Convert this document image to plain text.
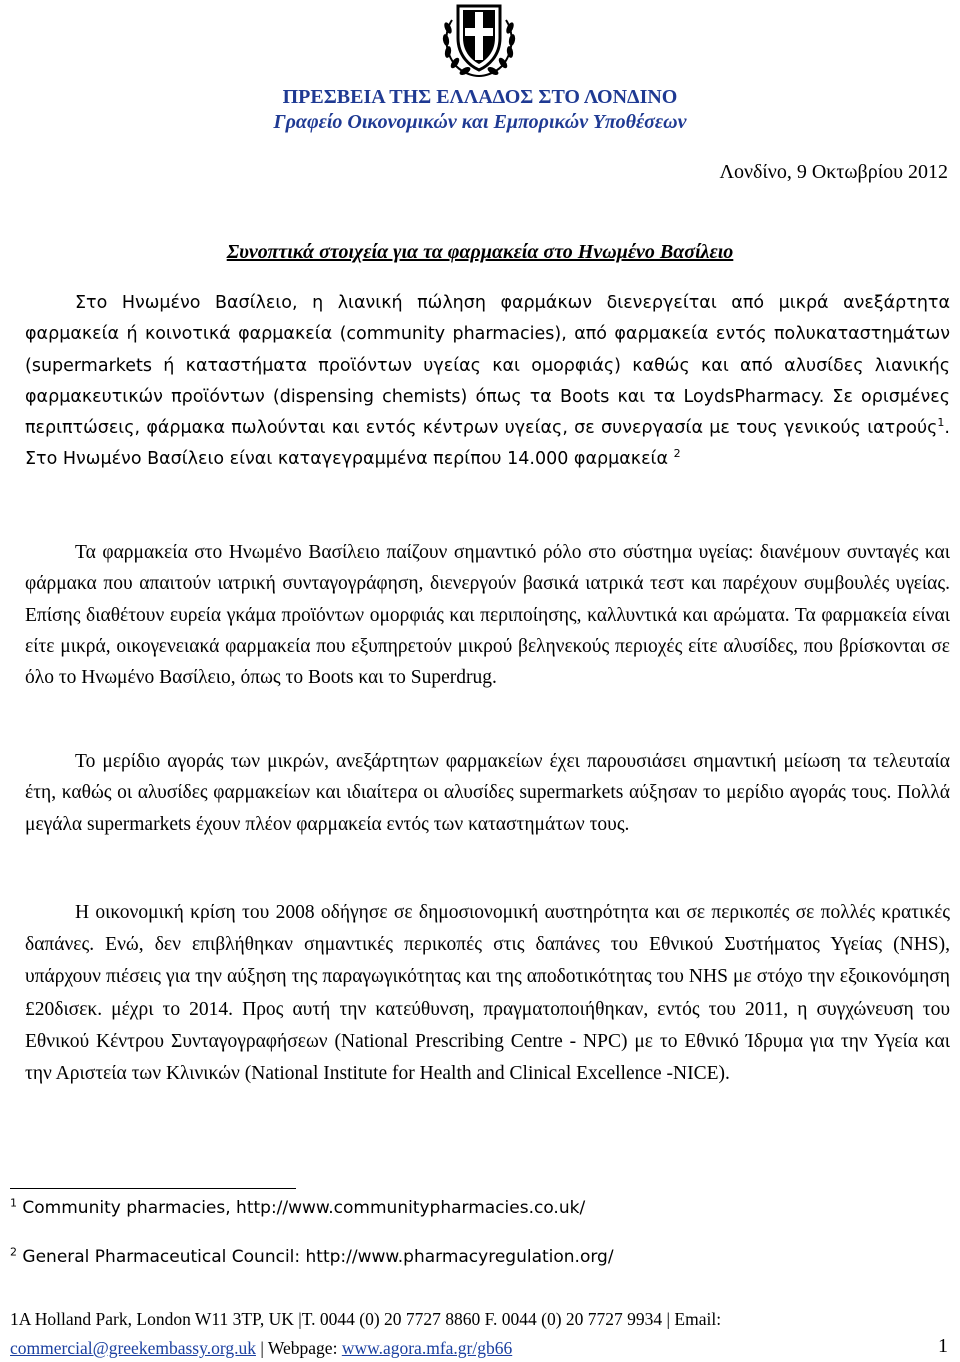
ΠΡΕΣΒΕΙΑ ΤΗΣ ΕΛΛΑΔΟΣ ΣΤΟ ΛΟΝΔΙΝΟ
Γραφείο Οικονομικών και Εμπορικών Υποθέσεων
Λονδίνο, 9 Οκτωβρίου 2012
Συνοπτικά στοιχεία για τα φαρμακεία στο Ηνωμένο Βασίλειο
Στο Ηνωμένο Βασίλειο, η λιανική πώληση φαρμάκων διενεργείται από μικρά ανεξάρτητα φαρμακεία ή κοινοτικά φαρμακεία (community pharmacies), από φαρμακεία εντός πολυκαταστημάτων (supermarkets ή καταστήματα προϊόντων υγείας και ομορφιάς) καθώς και από αλυσίδες λιανικής φαρμακευτικών προϊόντων (dispensing chemists) όπως τα Boots και τα LoydsPharmacy. Σε ορισμένες περιπτώσεις, φάρμακα πωλούνται και εντός κέντρων υγείας, σε συνεργασία με τους γενικούς ιατρούς$^1$. Στο Ηνωμένο Βασίλειο είναι καταγεγραμμένα περίπου 14.000 φαρμακεία $^2$
Τα φαρμακεία στο Ηνωμένο Βασίλειο παίζουν σημαντικό ρόλο στο σύστημα υγείας: διανέμουν συνταγές και φάρμακα που απαιτούν ιατρική συνταγογράφηση, διενεργούν βασικά ιατρικά τεστ και παρέχουν συμβουλές υγείας. Επίσης διαθέτουν ευρεία γκάμα προϊόντων ομορφιάς και περιποίησης, καλλυντικά και αρώματα. Τα φαρμακεία είναι είτε μικρά, οικογενειακά φαρμακεία που εξυπηρετούν μικρού βεληνεκούς περιοχές είτε αλυσίδες, που βρίσκονται σε όλο το Ηνωμένο Βασίλειο, όπως το Boots και το Superdrug.
Το μερίδιο αγοράς των μικρών, ανεξάρτητων φαρμακείων έχει παρουσιάσει σημαντική μείωση τα τελευταία έτη, καθώς οι αλυσίδες φαρμακείων και ιδιαίτερα οι αλυσίδες supermarkets αύξησαν το μερίδιο αγοράς τους. Πολλά μεγάλα supermarkets έχουν πλέον φαρμακεία εντός των καταστημάτων τους.
Η οικονομική κρίση του 2008 οδήγησε σε δημοσιονομική αυστηρότητα και σε περικοπές σε πολλές κρατικές δαπάνες. Ενώ, δεν επιβλήθηκαν σημαντικές περικοπές στις δαπάνες του Εθνικού Συστήματος Υγείας (NHS), υπάρχουν πιέσεις για την αύξηση της παραγωγικότητας και της αποδοτικότητας του NHS με στόχο την εξοικονόμηση £20δισεκ. μέχρι το 2014. Προς αυτή την κατεύθυνση, πραγματοποιήθηκαν, εντός του 2011, η συγχώνευση του Εθνικού Κέντρου Συνταγογραφήσεων (National Prescribing Centre - NPC) με το Εθνικό Ίδρυμα για την Υγεία και την Αριστεία των Κλινικών (National Institute for Health and Clinical Excellence -NICE).
$^1$ Community pharmacies, http://www.communitypharmacies.co.uk/
$^2$ General Pharmaceutical Council: http://www.pharmacyregulation.org/
1A Holland Park, London W11 3TP, UK |T. 0044 (0) 20 7727 8860 F. 0044 (0) 20 7727 9934 | Email:
commercial@greekembassy.org.uk | Webpage: www.agora.mfa.gr/gb66	1
